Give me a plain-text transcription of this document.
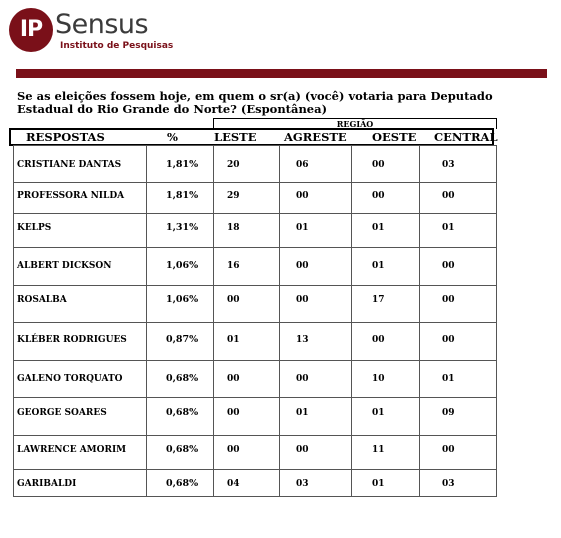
IP Sensus
Instituto de Pesquisas
Se as eleições fossem hoje, em quem o sr(a) (você) votaria para Deputado Estadual do Rio Grande do Norte? (Espontânea)
REGIÃO
RESPOSTAS	%	LESTE AGRESTE OESTE CENTRAL
CRISTIANE DANTAS	1,81%	20	06	00	03
PROFESSORA NILDA	1,81%	29	00	00	00
KELPS	1,31%	18	01	01	01
ALBERT DICKSON	1,06%	16	00	01	00
ROSALBA	1,06%	00	00	17	00
KLÉBER RODRIGUES	0,87%	01	13	00	00
GALENO TORQUATO	0,68%	00	00	10	01
GEORGE SOARES	0,68%	00	01	01	09
LAWRENCE AMORIM	0,68%	00	00	11	00
GARIBALDI	0,68%	04	03	01	03
